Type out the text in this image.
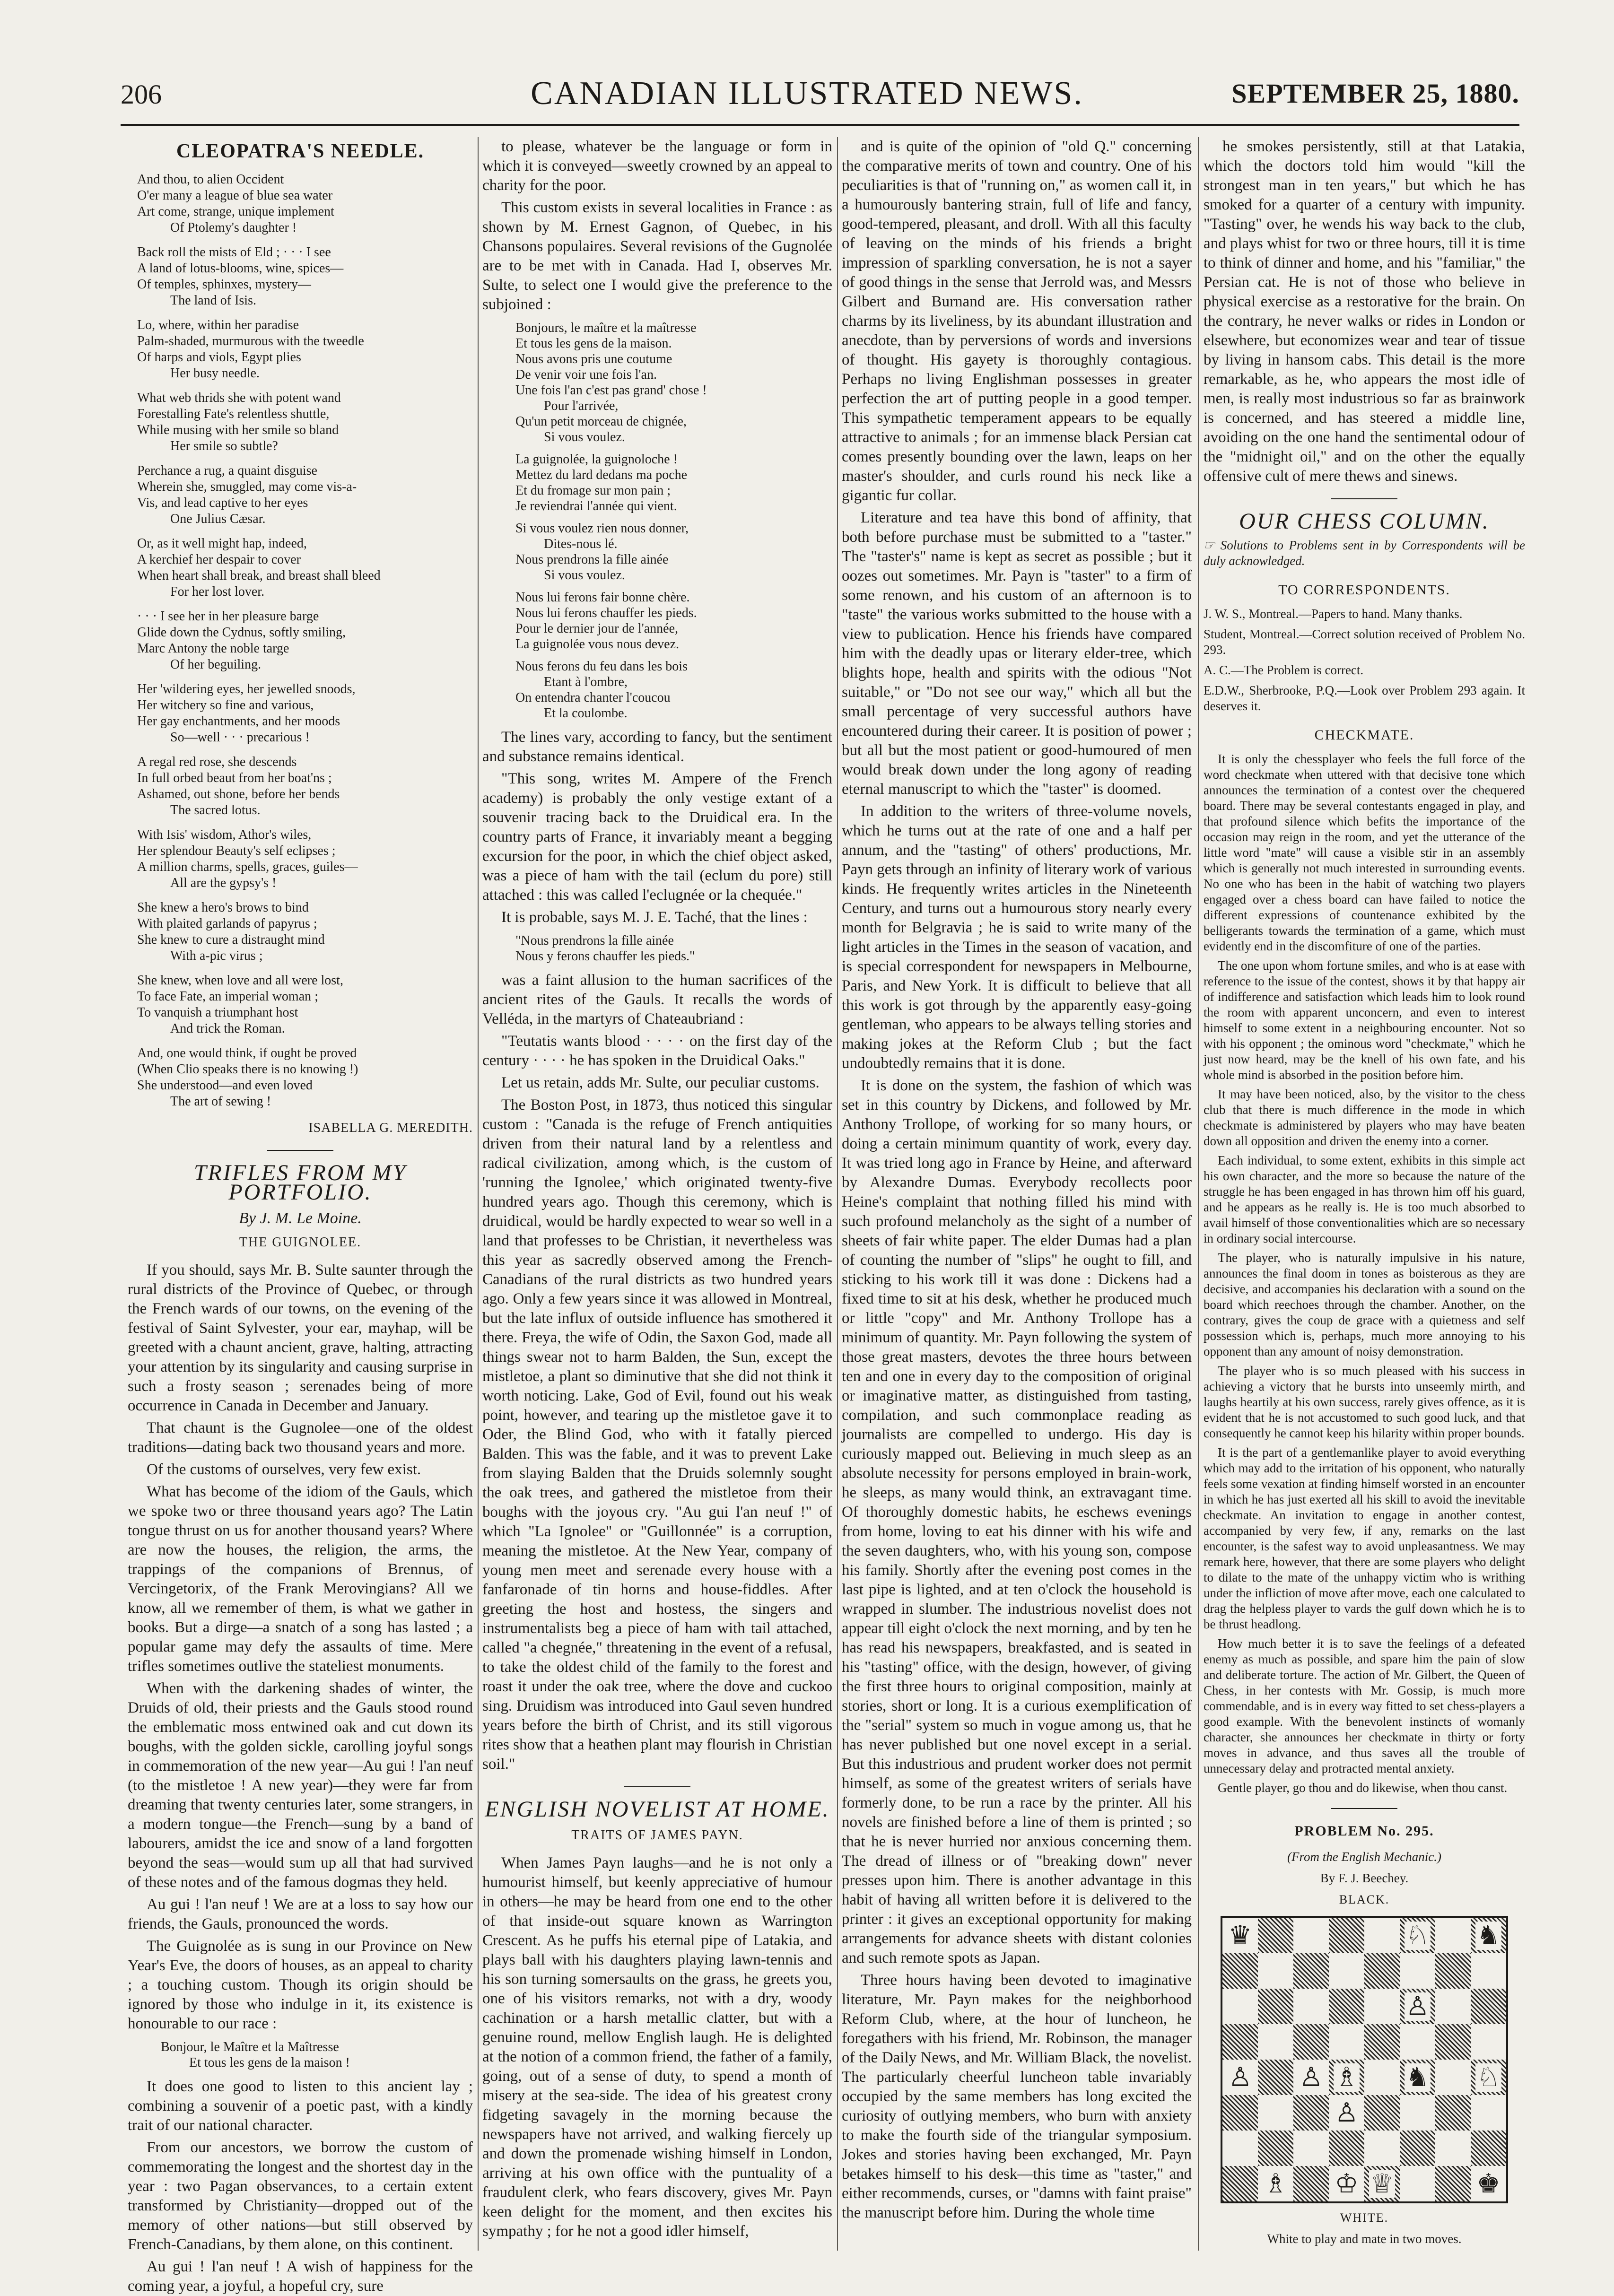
CANADIAN ILLUSTRATED NEWS.
206	SEPTEMBER 25, 1880.
CLEOPATRA'S NEEDLE.
And thou, to alien Occident
O'er many a league of blue sea water
Art come, strange, unique implement
Of Ptolemy's daughter !
Back roll the mists of Eld ; · · · I see
A land of lotus-blooms, wine, spices—
Of temples, sphinxes, mystery—
The land of Isis.
Lo, where, within her paradise
Palm-shaded, murmurous with the tweedle
Of harps and viols, Egypt plies
Her busy needle.
What web thrids she with potent wand
Forestalling Fate's relentless shuttle,
While musing with her smile so bland
Her smile so subtle?
Perchance a rug, a quaint disguise
Wherein she, smuggled, may come vis-a-
Vis, and lead captive to her eyes
One Julius Cæsar.
Or, as it well might hap, indeed,
A kerchief her despair to cover
When heart shall break, and breast shall bleed
For her lost lover.
· · · I see her in her pleasure barge
Glide down the Cydnus, softly smiling,
Marc Antony the noble targe
Of her beguiling.
Her 'wildering eyes, her jewelled snoods,
Her witchery so fine and various,
Her gay enchantments, and her moods
So—well · · · precarious !
A regal red rose, she descends
In full orbed beaut from her boat'ns ;
Ashamed, out shone, before her bends
The sacred lotus.
With Isis' wisdom, Athor's wiles,
Her splendour Beauty's self eclipses ;
A million charms, spells, graces, guiles—
All are the gypsy's !
She knew a hero's brows to bind
With plaited garlands of papyrus ;
She knew to cure a distraught mind
With a-pic virus ;
She knew, when love and all were lost,
To face Fate, an imperial woman ;
To vanquish a triumphant host
And trick the Roman.
And, one would think, if ought be proved
(When Clio speaks there is no knowing !)
She understood—and even loved
The art of sewing !
ISABELLA G. MEREDITH.
TRIFLES FROM MY PORTFOLIO.
By J. M. Le Moine.
THE GUIGNOLEE.

If you should, says Mr. B. Sulte saunter through the rural districts of the Province of Quebec, or through the French wards of our towns, on the evening of the festival of Saint Sylvester, your ear, mayhap, will be greeted with a chaunt ancient, grave, halting, attracting your attention by its singularity and causing surprise in such a frosty season ; serenades being of more occurrence in Canada in December and January.

That chaunt is the Gugnolee—one of the oldest traditions—dating back two thousand years and more.

Of the customs of ourselves, very few exist.

What has become of the idiom of the Gauls, which we spoke two or three thousand years ago? The Latin tongue thrust on us for another thousand years? Where are now the houses, the religion, the arms, the trappings of the companions of Brennus, of Vercingetorix, of the Frank Merovingians? All we know, all we remember of them, is what we gather in books. But a dirge—a snatch of a song has lasted ; a popular game may defy the assaults of time. Mere trifles sometimes outlive the stateliest monuments.

When with the darkening shades of winter, the Druids of old, their priests and the Gauls stood round the emblematic moss entwined oak and cut down its boughs, with the golden sickle, carolling joyful songs in commemoration of the new year—Au gui ! l'an neuf (to the mistletoe ! A new year)—they were far from dreaming that twenty centuries later, some strangers, in a modern tongue—the French—sung by a band of labourers, amidst the ice and snow of a land forgotten beyond the seas—would sum up all that had survived of these notes and of the famous dogmas they held.

Au gui ! l'an neuf ! We are at a loss to say how our friends, the Gauls, pronounced the words.

The Guignolée as is sung in our Province on New Year's Eve, the doors of houses, as an appeal to charity ; a touching custom. Though its origin should be ignored by those who indulge in it, its existence is honourable to our race :

Bonjour, le Maître et la Maîtresse
Et tous les gens de la maison !

It does one good to listen to this ancient lay ; combining a souvenir of a poetic past, with a kindly trait of our national character.

From our ancestors, we borrow the custom of commemorating the longest and the shortest day in the year : two Pagan observances, to a certain extent transformed by Christianity—dropped out of the memory of other nations—but still observed by French-Canadians, by them alone, on this continent.

Au gui ! l'an neuf ! A wish of happiness for the coming year, a joyful, a hopeful cry, sure

to please, whatever be the language or form in which it is conveyed—sweetly crowned by an appeal to charity for the poor.

This custom exists in several localities in France : as shown by M. Ernest Gagnon, of Quebec, in his Chansons populaires. Several revisions of the Gugnolée are to be met with in Canada. Had I, observes Mr. Sulte, to select one I would give the preference to the subjoined :

Bonjours, le maître et la maîtresse
Et tous les gens de la maison.
Nous avons pris une coutume
De venir voir une fois l'an.
Une fois l'an c'est pas grand' chose !
Pour l'arrivée,
Qu'un petit morceau de chignée,
Si vous voulez.
La guignolée, la guignoloche !
Mettez du lard dedans ma poche
Et du fromage sur mon pain ;
Je reviendrai l'année qui vient.
Si vous voulez rien nous donner,
Dites-nous lé.
Nous prendrons la fille ainée
Si vous voulez.
Nous lui ferons fair bonne chère.
Nous lui ferons chauffer les pieds.
Pour le dernier jour de l'année,
La guignolée vous nous devez.
Nous ferons du feu dans les bois
Etant à l'ombre,
On entendra chanter l'coucou
Et la coulombe.

The lines vary, according to fancy, but the sentiment and substance remains identical.

"This song, writes M. Ampere of the French academy) is probably the only vestige extant of a souvenir tracing back to the Druidical era. In the country parts of France, it invariably meant a begging excursion for the poor, in which the chief object asked, was a piece of ham with the tail (eclum du pore) still attached : this was called l'eclugnée or la chequée."

It is probable, says M. J. E. Taché, that the lines :

"Nous prendrons la fille ainée
Nous y ferons chauffer les pieds."

was a faint allusion to the human sacrifices of the ancient rites of the Gauls. It recalls the words of Velléda, in the martyrs of Chateaubriand :

"Teutatis wants blood · · · · on the first day of the century · · · · he has spoken in the Druidical Oaks."

Let us retain, adds Mr. Sulte, our peculiar customs.

The Boston Post, in 1873, thus noticed this singular custom : "Canada is the refuge of French antiquities driven from their natural land by a relentless and radical civilization, among which, is the custom of 'running the Ignolee,' which originated twenty-five hundred years ago. Though this ceremony, which is druidical, would be hardly expected to wear so well in a land that professes to be Christian, it nevertheless was this year as sacredly observed among the French-Canadians of the rural districts as two hundred years ago. Only a few years since it was allowed in Montreal, but the late influx of outside influence has smothered it there. Freya, the wife of Odin, the Saxon God, made all things swear not to harm Balden, the Sun, except the mistletoe, a plant so diminutive that she did not think it worth noticing. Lake, God of Evil, found out his weak point, however, and tearing up the mistletoe gave it to Oder, the Blind God, who with it fatally pierced Balden. This was the fable, and it was to prevent Lake from slaying Balden that the Druids solemnly sought the oak trees, and gathered the mistletoe from their boughs with the joyous cry. "Au gui l'an neuf !" of which "La Ignolee" or "Guillonnée" is a corruption, meaning the mistletoe. At the New Year, company of young men meet and serenade every house with a fanfaronade of tin horns and house-fiddles. After greeting the host and hostess, the singers and instrumentalists beg a piece of ham with tail attached, called "a chegnée," threatening in the event of a refusal, to take the oldest child of the family to the forest and roast it under the oak tree, where the dove and cuckoo sing. Druidism was introduced into Gaul seven hundred years before the birth of Christ, and its still vigorous rites show that a heathen plant may flourish in Christian soil."

ENGLISH NOVELIST AT HOME.
TRAITS OF JAMES PAYN.

When James Payn laughs—and he is not only a humourist himself, but keenly appreciative of humour in others—he may be heard from one end to the other of that inside-out square known as Warrington Crescent. As he puffs his eternal pipe of Latakia, and plays ball with his daughters playing lawn-tennis and his son turning somersaults on the grass, he greets you, one of his visitors remarks, not with a dry, woody cachination or a harsh metallic clatter, but with a genuine round, mellow English laugh. He is delighted at the notion of a common friend, the father of a family, going, out of a sense of duty, to spend a month of misery at the sea-side. The idea of his greatest crony fidgeting savagely in the morning because the newspapers have not arrived, and walking fiercely up and down the promenade wishing himself in London, arriving at his own office with the puntuality of a fraudulent clerk, who fears discovery, gives Mr. Payn keen delight for the moment, and then excites his sympathy ; for he not a good idler himself,

and is quite of the opinion of "old Q." concerning the comparative merits of town and country. One of his peculiarities is that of "running on," as women call it, in a humourously bantering strain, full of life and fancy, good-tempered, pleasant, and droll. With all this faculty of leaving on the minds of his friends a bright impression of sparkling conversation, he is not a sayer of good things in the sense that Jerrold was, and Messrs Gilbert and Burnand are. His conversation rather charms by its liveliness, by its abundant illustration and anecdote, than by perversions of words and inversions of thought. His gayety is thoroughly contagious. Perhaps no living Englishman possesses in greater perfection the art of putting people in a good temper. This sympathetic temperament appears to be equally attractive to animals ; for an immense black Persian cat comes presently bounding over the lawn, leaps on her master's shoulder, and curls round his neck like a gigantic fur collar.

Literature and tea have this bond of affinity, that both before purchase must be submitted to a "taster." The "taster's" name is kept as secret as possible ; but it oozes out sometimes. Mr. Payn is "taster" to a firm of some renown, and his custom of an afternoon is to "taste" the various works submitted to the house with a view to publication. Hence his friends have compared him with the deadly upas or literary elder-tree, which blights hope, health and spirits with the odious "Not suitable," or "Do not see our way," which all but the small percentage of very successful authors have encountered during their career. It is position of power ; but all but the most patient or good-humoured of men would break down under the long agony of reading eternal manuscript to which the "taster" is doomed.

In addition to the writers of three-volume novels, which he turns out at the rate of one and a half per annum, and the "tasting" of others' productions, Mr. Payn gets through an infinity of literary work of various kinds. He frequently writes articles in the Nineteenth Century, and turns out a humourous story nearly every month for Belgravia ; he is said to write many of the light articles in the Times in the season of vacation, and is special correspondent for newspapers in Melbourne, Paris, and New York. It is difficult to believe that all this work is got through by the apparently easy-going gentleman, who appears to be always telling stories and making jokes at the Reform Club ; but the fact undoubtedly remains that it is done.

It is done on the system, the fashion of which was set in this country by Dickens, and followed by Mr. Anthony Trollope, of working for so many hours, or doing a certain minimum quantity of work, every day. It was tried long ago in France by Heine, and afterward by Alexandre Dumas. Everybody recollects poor Heine's complaint that nothing filled his mind with such profound melancholy as the sight of a number of sheets of fair white paper. The elder Dumas had a plan of counting the number of "slips" he ought to fill, and sticking to his work till it was done : Dickens had a fixed time to sit at his desk, whether he produced much or little "copy" and Mr. Anthony Trollope has a minimum of quantity. Mr. Payn following the system of those great masters, devotes the three hours between ten and one in every day to the composition of original or imaginative matter, as distinguished from tasting, compilation, and such commonplace reading as journalists are compelled to undergo. His day is curiously mapped out. Believing in much sleep as an absolute necessity for persons employed in brain-work, he sleeps, as many would think, an extravagant time. Of thoroughly domestic habits, he eschews evenings from home, loving to eat his dinner with his wife and the seven daughters, who, with his young son, compose his family. Shortly after the evening post comes in the last pipe is lighted, and at ten o'clock the household is wrapped in slumber. The industrious novelist does not appear till eight o'clock the next morning, and by ten he has read his newspapers, breakfasted, and is seated in his "tasting" office, with the design, however, of giving the first three hours to original composition, mainly at stories, short or long. It is a curious exemplification of the "serial" system so much in vogue among us, that he has never published but one novel except in a serial. But this industrious and prudent worker does not permit himself, as some of the greatest writers of serials have formerly done, to be run a race by the printer. All his novels are finished before a line of them is printed ; so that he is never hurried nor anxious concerning them. The dread of illness or of "breaking down" never presses upon him. There is another advantage in this habit of having all written before it is delivered to the printer : it gives an exceptional opportunity for making arrangements for advance sheets with distant colonies and such remote spots as Japan.

Three hours having been devoted to imaginative literature, Mr. Payn makes for the neighborhood Reform Club, where, at the hour of luncheon, he foregathers with his friend, Mr. Robinson, the manager of the Daily News, and Mr. William Black, the novelist. The particularly cheerful luncheon table invariably occupied by the same members has long excited the curiosity of outlying members, who burn with anxiety to make the fourth side of the triangular symposium. Jokes and stories having been exchanged, Mr. Payn betakes himself to his desk—this time as "taster," and either recommends, curses, or "damns with faint praise" the manuscript before him. During the whole time

he smokes persistently, still at that Latakia, which the doctors told him would "kill the strongest man in ten years," but which he has smoked for a quarter of a century with impunity. "Tasting" over, he wends his way back to the club, and plays whist for two or three hours, till it is time to think of dinner and home, and his "familiar," the Persian cat. He is not of those who believe in physical exercise as a restorative for the brain. On the contrary, he never walks or rides in London or elsewhere, but economizes wear and tear of tissue by living in hansom cabs. This detail is the more remarkable, as he, who appears the most idle of men, is really most industrious so far as brainwork is concerned, and has steered a middle line, avoiding on the one hand the sentimental odour of the "midnight oil," and on the other the equally offensive cult of mere thews and sinews.

OUR CHESS COLUMN.
☞ Solutions to Problems sent in by Correspondents will be duly acknowledged.
TO CORRESPONDENTS.
J. W. S., Montreal.—Papers to hand. Many thanks.
Student, Montreal.—Correct solution received of Problem No. 293.
A. C.—The Problem is correct.
E.D.W., Sherbrooke, P.Q.—Look over Problem 293 again. It deserves it.
CHECKMATE.

It is only the chessplayer who feels the full force of the word checkmate when uttered with that decisive tone which announces the termination of a contest over the chequered board. There may be several contestants engaged in play, and that profound silence which befits the importance of the occasion may reign in the room, and yet the utterance of the little word "mate" will cause a visible stir in an assembly which is generally not much interested in surrounding events. No one who has been in the habit of watching two players engaged over a chess board can have failed to notice the different expressions of countenance exhibited by the belligerants towards the termination of a game, which must evidently end in the discomfiture of one of the parties.

The one upon whom fortune smiles, and who is at ease with reference to the issue of the contest, shows it by that happy air of indifference and satisfaction which leads him to look round the room with apparent unconcern, and even to interest himself to some extent in a neighbouring encounter. Not so with his opponent ; the ominous word "checkmate," which he just now heard, may be the knell of his own fate, and his whole mind is absorbed in the position before him.

It may have been noticed, also, by the visitor to the chess club that there is much difference in the mode in which checkmate is administered by players who may have beaten down all opposition and driven the enemy into a corner.

Each individual, to some extent, exhibits in this simple act his own character, and the more so because the nature of the struggle he has been engaged in has thrown him off his guard, and he appears as he really is. He is too much absorbed to avail himself of those conventionalities which are so necessary in ordinary social intercourse.

The player, who is naturally impulsive in his nature, announces the final doom in tones as boisterous as they are decisive, and accompanies his declaration with a sound on the board which reechoes through the chamber. Another, on the contrary, gives the coup de grace with a quietness and self possession which is, perhaps, much more annoying to his opponent than any amount of noisy demonstration.

The player who is so much pleased with his success in achieving a victory that he bursts into unseemly mirth, and laughs heartily at his own success, rarely gives offence, as it is evident that he is not accustomed to such good luck, and that consequently he cannot keep his hilarity within proper bounds.

It is the part of a gentlemanlike player to avoid everything which may add to the irritation of his opponent, who naturally feels some vexation at finding himself worsted in an encounter in which he has just exerted all his skill to avoid the inevitable checkmate. An invitation to engage in another contest, accompanied by very few, if any, remarks on the last encounter, is the safest way to avoid unpleasantness. We may remark here, however, that there are some players who delight to dilate to the mate of the unhappy victim who is writhing under the infliction of move after move, each one calculated to drag the helpless player to vards the gulf down which he is to be thrust headlong.

How much better it is to save the feelings of a defeated enemy as much as possible, and spare him the pain of slow and deliberate torture. The action of Mr. Gilbert, the Queen of Chess, in her contests with Mr. Gossip, is much more commendable, and is in every way fitted to set chess-players a good example. With the benevolent instincts of womanly character, she announces her checkmate in thirty or forty moves in advance, and thus saves all the trouble of unnecessary delay and protracted mental anxiety.

Gentle player, go thou and do likewise, when thou canst.

PROBLEM No. 295.
(From the English Mechanic.)
By F. J. Beechey.
BLACK.
♛	♘ ♞
♙
♙ ♙ ♗ ♞ ♘
♙
♗ ♔ ♕	♚
WHITE.
White to play and mate in two moves.
